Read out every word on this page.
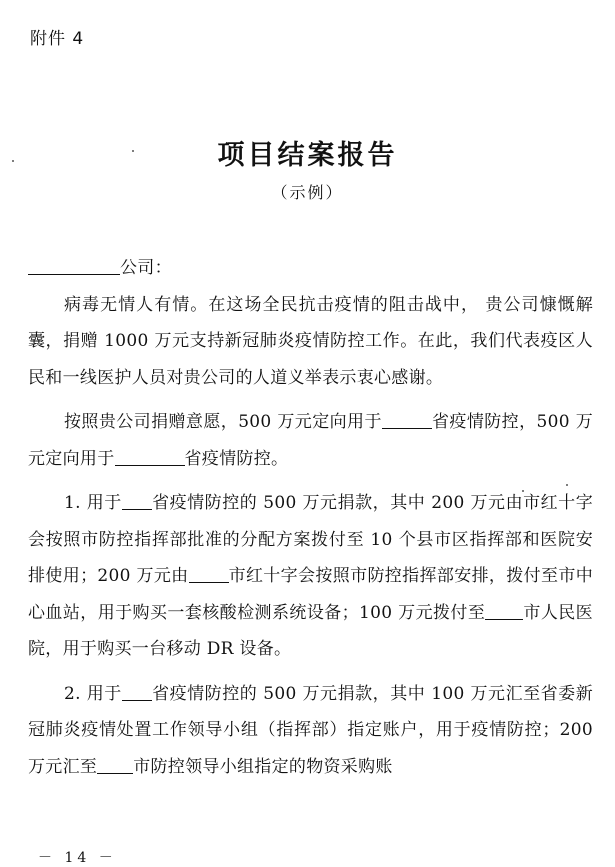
附件 4
项目结案报告
（示例）

公司：

病毒无情人有情。在这场全民抗击疫情的阻击战中， 贵公司慷慨解囊，捐赠 1000 万元支持新冠肺炎疫情防控工作。在此，我们代表疫区人民和一线医护人员对贵公司的人道义举表示衷心感谢。

按照贵公司捐赠意愿，500 万元定向用于	省疫情防控，500 万元定向用于	省疫情防控。

1. 用于 省疫情防控的 500 万元捐款，其中 200 万元由市红十字会按照市防控指挥部批准的分配方案拨付至 10 个县市区指挥部和医院安排使用；200 万元由 市红十字会按照市防控指挥部安排，拨付至市中心血站，用于购买一套核酸检测系统设备；100 万元拨付至 市人民医院，用于购买一台移动 DR 设备。

2. 用于 省疫情防控的 500 万元捐款，其中 100 万元汇至省委新冠肺炎疫情处置工作领导小组（指挥部）指定账户，用于疫情防控；200 万元汇至 市防控领导小组指定的物资采购账

－ 14 －
